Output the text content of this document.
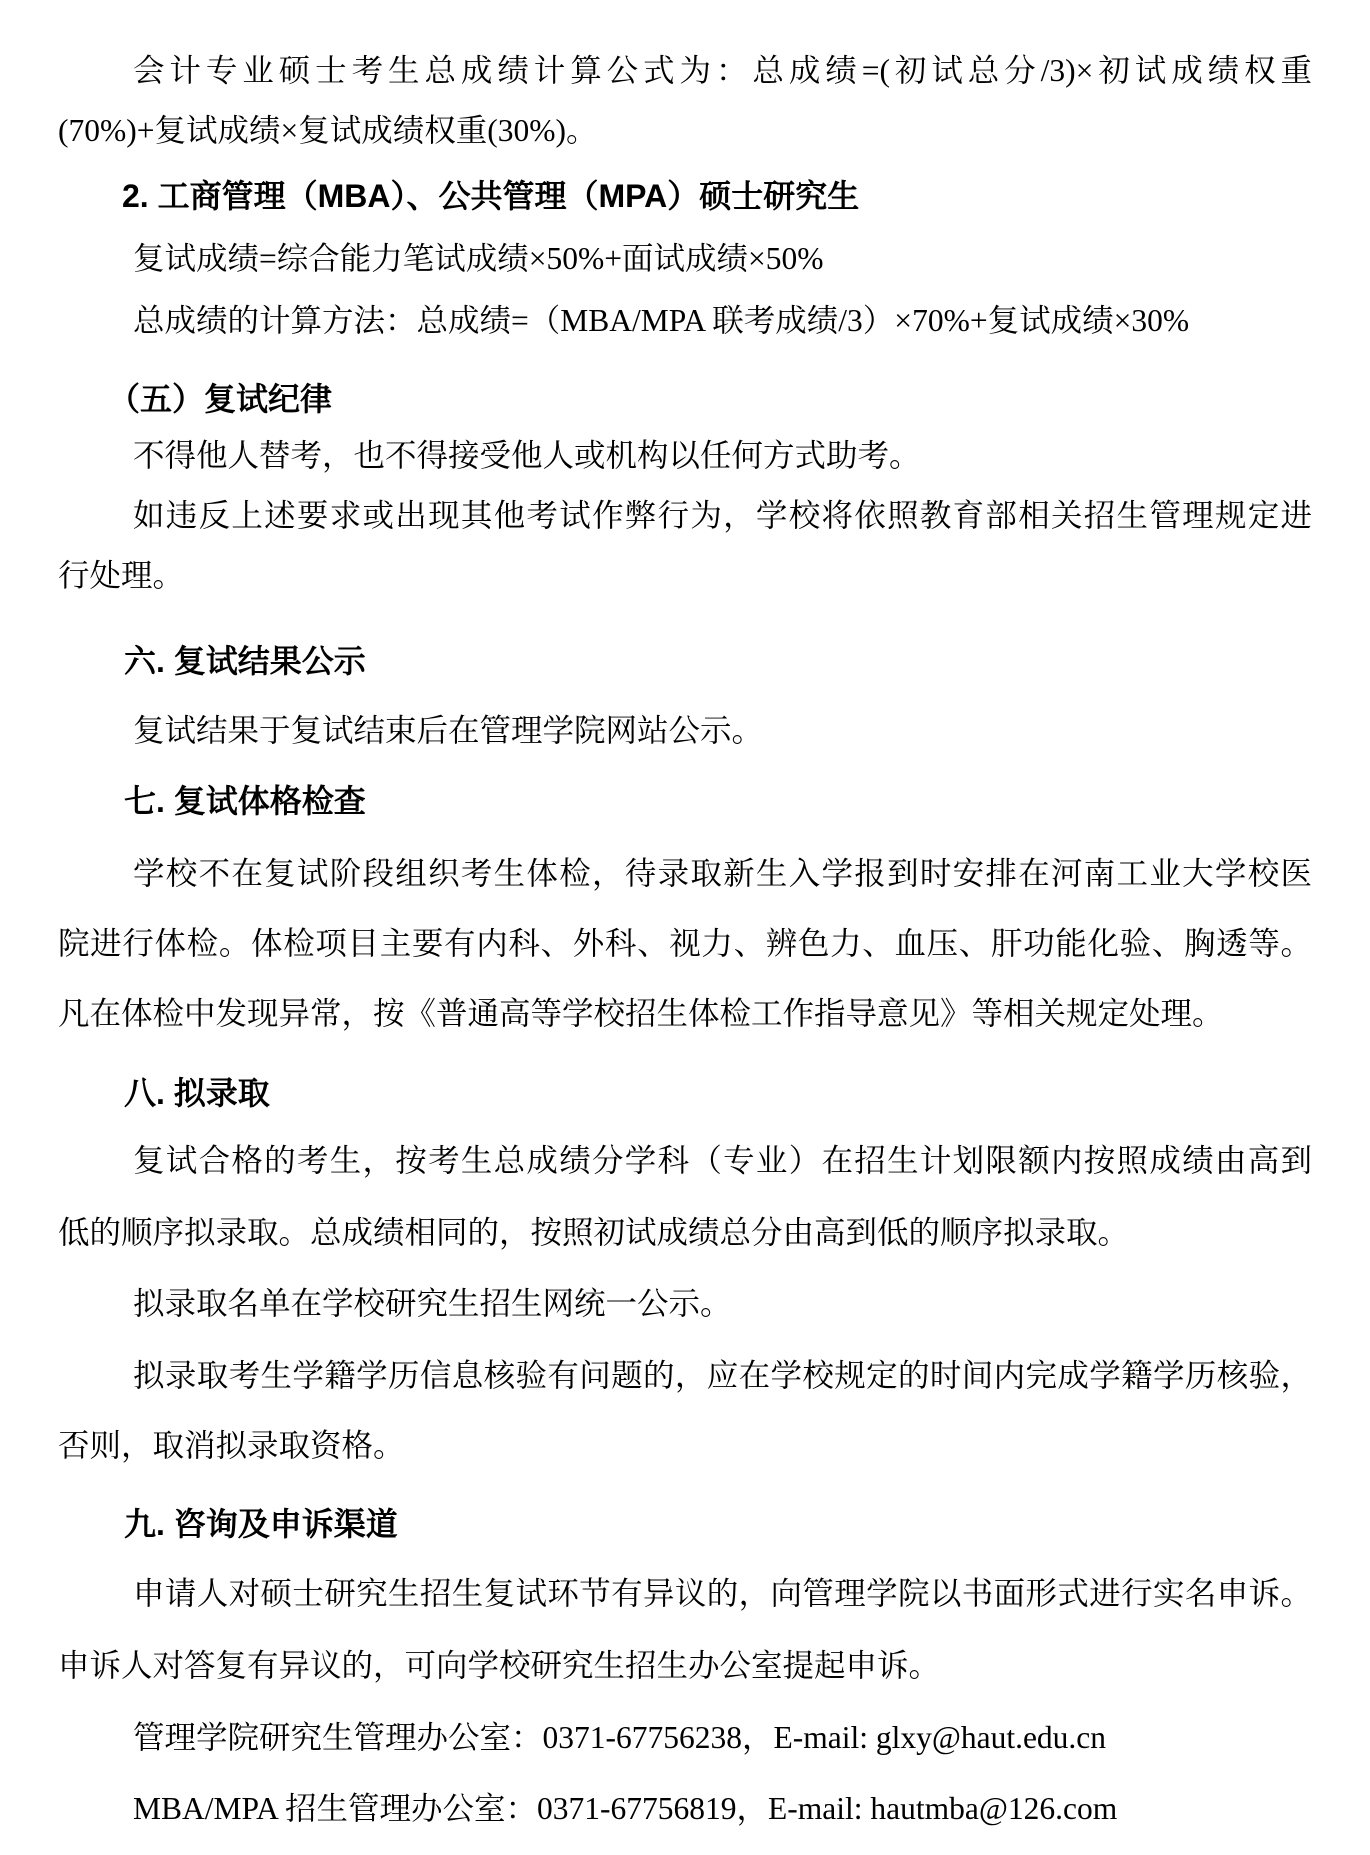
会计专业硕士考生总成绩计算公式为：总成绩=(初试总分/3)×初试成绩权重
(70%)+复试成绩×复试成绩权重(30%)。
2. 工商管理（MBA）、公共管理（MPA）硕士研究生
复试成绩=综合能力笔试成绩×50%+面试成绩×50%
总成绩的计算方法：总成绩=（MBA/MPA 联考成绩/3）×70%+复试成绩×30%
（五）复试纪律
不得他人替考，也不得接受他人或机构以任何方式助考。
如违反上述要求或出现其他考试作弊行为，学校将依照教育部相关招生管理规定进
行处理。
六. 复试结果公示
复试结果于复试结束后在管理学院网站公示。
七. 复试体格检查
学校不在复试阶段组织考生体检，待录取新生入学报到时安排在河南工业大学校医
院进行体检。体检项目主要有内科、外科、视力、辨色力、血压、肝功能化验、胸透等。
凡在体检中发现异常，按《普通高等学校招生体检工作指导意见》等相关规定处理。
八. 拟录取
复试合格的考生，按考生总成绩分学科（专业）在招生计划限额内按照成绩由高到
低的顺序拟录取。总成绩相同的，按照初试成绩总分由高到低的顺序拟录取。
拟录取名单在学校研究生招生网统一公示。
拟录取考生学籍学历信息核验有问题的，应在学校规定的时间内完成学籍学历核验，
否则，取消拟录取资格。
九. 咨询及申诉渠道
申请人对硕士研究生招生复试环节有异议的，向管理学院以书面形式进行实名申诉。
申诉人对答复有异议的，可向学校研究生招生办公室提起申诉。
管理学院研究生管理办公室：0371-67756238，E-mail: glxy@haut.edu.cn
MBA/MPA 招生管理办公室：0371-67756819，E-mail: hautmba@126.com
